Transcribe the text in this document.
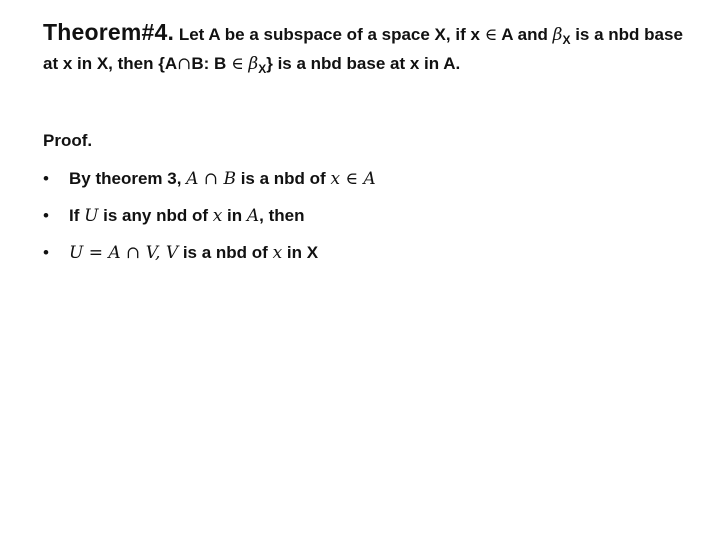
Theorem#4. Let A be a subspace of a space X, if x ∈ A and $\beta_X$ is a nbd base at x in X, then {A∩B: B ∈ $\beta_X$} is a nbd base at x in A.
Proof.
• By theorem 3, A ∩ B is a nbd of x ∈ A
• If U is any nbd of x in A, then
• U = A ∩ V, V is a nbd of x in X
